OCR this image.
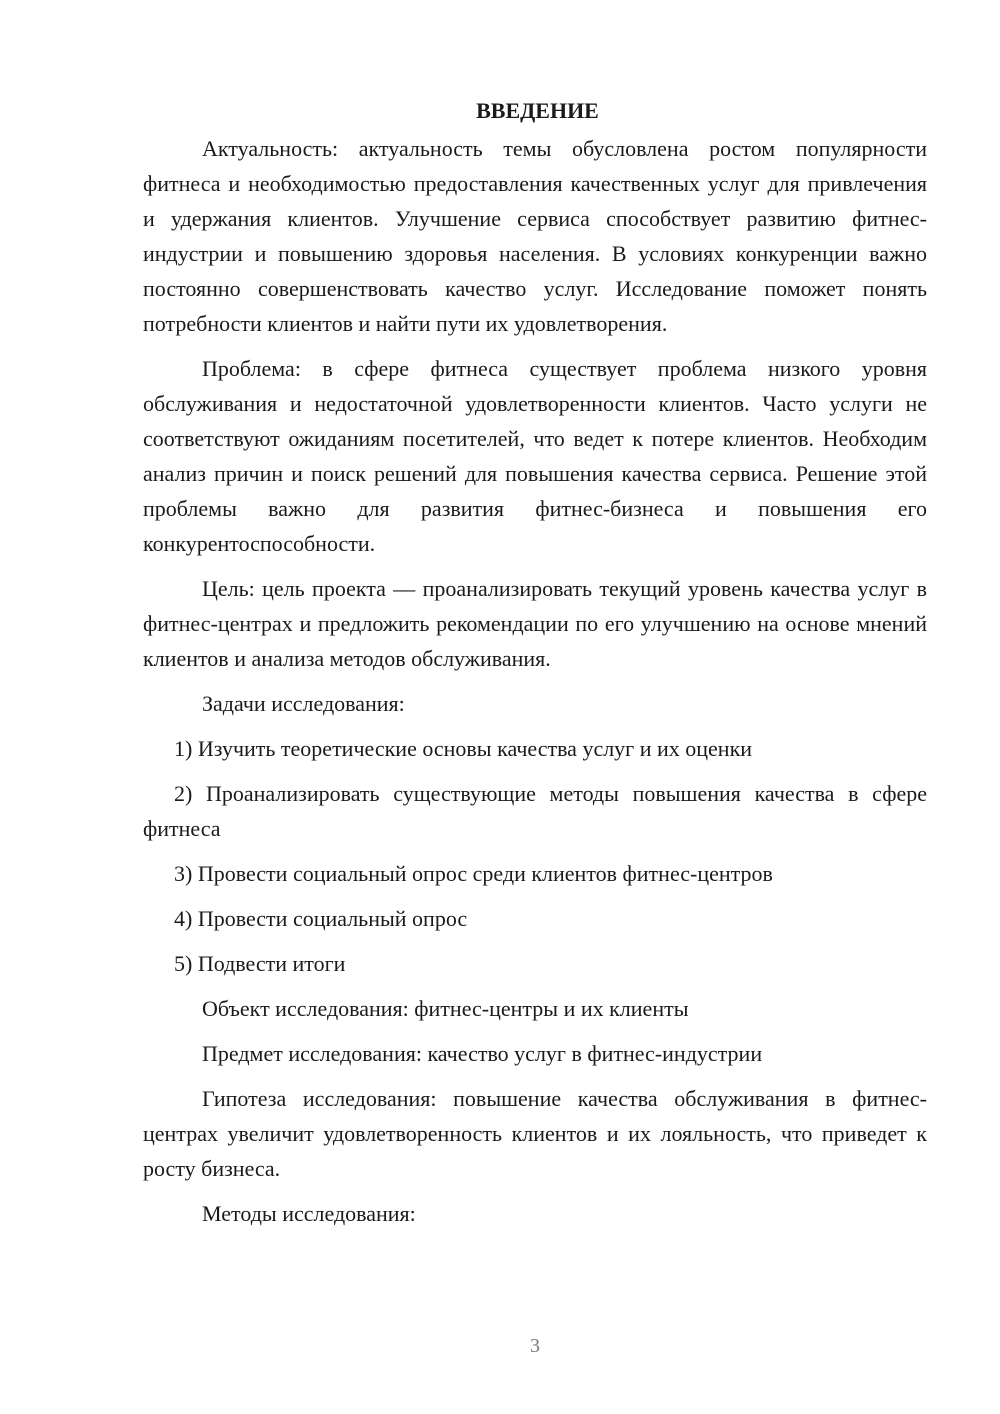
ВВЕДЕНИЕ

Актуальность: актуальность темы обусловлена ростом популярности фитнеса и необходимостью предоставления качественных услуг для привлечения и удержания клиентов. Улучшение сервиса способствует развитию фитнес-индустрии и повышению здоровья населения. В условиях конкуренции важно постоянно совершенствовать качество услуг. Исследование поможет понять потребности клиентов и найти пути их удовлетворения.

Проблема: в сфере фитнеса существует проблема низкого уровня обслуживания и недостаточной удовлетворенности клиентов. Часто услуги не соответствуют ожиданиям посетителей, что ведет к потере клиентов. Необходим анализ причин и поиск решений для повышения качества сервиса. Решение этой проблемы важно для развития фитнес-бизнеса и повышения его конкурентоспособности.

Цель: цель проекта — проанализировать текущий уровень качества услуг в фитнес-центрах и предложить рекомендации по его улучшению на основе мнений клиентов и анализа методов обслуживания.

Задачи исследования:

1) Изучить теоретические основы качества услуг и их оценки

2) Проанализировать существующие методы повышения качества в сфере фитнеса

3) Провести социальный опрос среди клиентов фитнес-центров

4) Провести социальный опрос

5) Подвести итоги

Объект исследования: фитнес-центры и их клиенты

Предмет исследования: качество услуг в фитнес-индустрии

Гипотеза исследования: повышение качества обслуживания в фитнес-центрах увеличит удовлетворенность клиентов и их лояльность, что приведет к росту бизнеса.

Методы исследования:

3
